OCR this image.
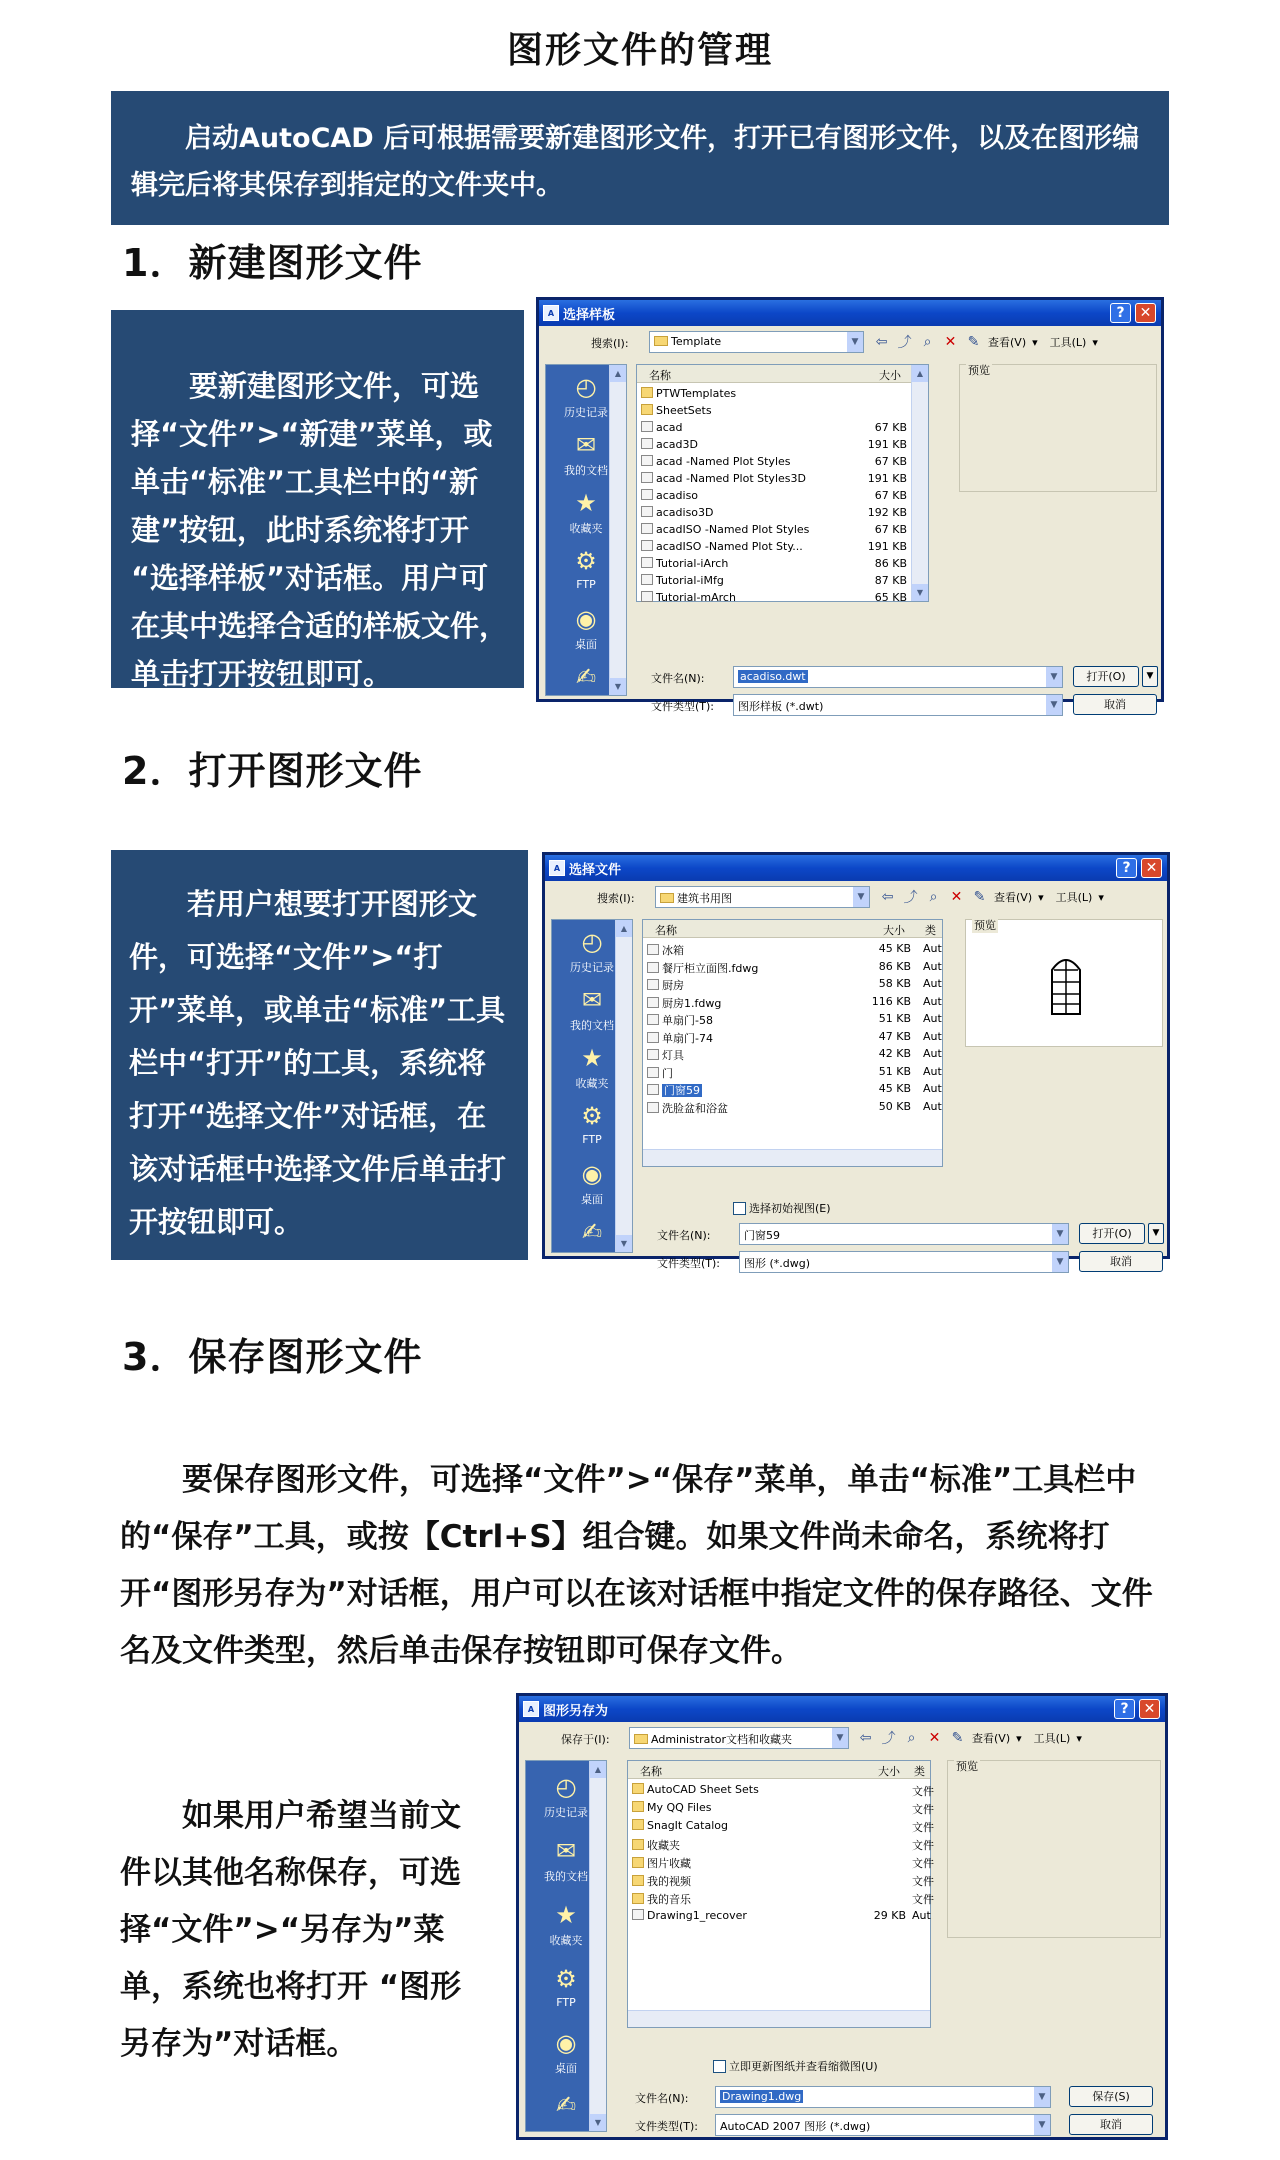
图形文件的管理
启动AutoCAD 后可根据需要新建图形文件，打开已有图形文件，以及在图形编辑完后将其保存到指定的文件夹中。
1．新建图形文件

要新建图形文件，可选择“文件”>“新建”菜单，或单击“标准”工具栏中的“新建”按钮，此时系统将打开 “选择样板”对话框。用户可在其中选择合适的样板文件，单击打开按钮即可。

A 选择样板	?	✕
搜索(I):	Template	▼	⇦ ⤴ ⌕ ✕ ✎ 查看(V) ▾ 工具(L) ▾
◴
历史记录
✉
我的文档
★
收藏夹
⚙
FTP
◉
桌面
✍
▲
▼
名称	大小
PTWTemplates
SheetSets
acad	67 KB
acad3D	191 KB
acad -Named Plot Styles	67 KB
acad -Named Plot Styles3D	191 KB
acadiso	67 KB
acadiso3D	192 KB
acadISO -Named Plot Styles	67 KB
acadISO -Named Plot Sty...	191 KB
Tutorial-iArch	86 KB
Tutorial-iMfg	87 KB
Tutorial-mArch	65 KB
▲
▼
预览
文件名(N):	acadiso.dwt	▼	打开(O)	▼
文件类型(T):	图形样板 (*.dwt)	▼	取消
2．打开图形文件

若用户想要打开图形文件，可选择“文件”>“打开”菜单，或单击“标准”工具栏中“打开”的工具，系统将打开“选择文件”对话框，在该对话框中选择文件后单击打开按钮即可。

A 选择文件	?	✕
搜索(I):	建筑书用图	▼	⇦ ⤴ ⌕ ✕ ✎ 查看(V) ▾ 工具(L) ▾
◴
历史记录
✉
我的文档
★
收藏夹
⚙
FTP
◉
桌面
✍
▲
▼
名称	大小 类
冰箱	45 KB Aut
餐厅柜立面图.fdwg	86 KB Aut
厨房	58 KB Aut
厨房1.fdwg	116 KB Aut
单扇门-58	51 KB Aut
单扇门-74	47 KB Aut
灯具	42 KB Aut
门	51 KB Aut
门窗59	45 KB Aut
洗脸盆和浴盆	50 KB Aut
预览
选择初始视图(E)
文件名(N):	门窗59	▼	打开(O)	▼
文件类型(T):	图形 (*.dwg)	▼	取消
3．保存图形文件
要保存图形文件，可选择“文件”>“保存”菜单，单击“标准”工具栏中的“保存”工具，或按【Ctrl+S】组合键。如果文件尚未命名，系统将打开“图形另存为”对话框，用户可以在该对话框中指定文件的保存路径、文件名及文件类型，然后单击保存按钮即可保存文件。
如果用户希望当前文件以其他名称保存，可选择“文件”>“另存为”菜单，系统也将打开 “图形另存为”对话框。
A 图形另存为	?	✕
保存于(I):	Administrator文档和收藏夹	▼	⇦ ⤴ ⌕ ✕ ✎ 查看(V) ▾ 工具(L) ▾
◴
历史记录
✉
我的文档
★
收藏夹
⚙
FTP
◉
桌面
✍
▲
▼
名称	大小 类
AutoCAD Sheet Sets	文件
My QQ Files	文件
SnagIt Catalog	文件
收藏夹	文件
图片收藏	文件
我的视频	文件
我的音乐	文件
Drawing1_recover	29 KB Aut
预览
立即更新图纸并查看缩微图(U)
文件名(N):	Drawing1.dwg	▼	保存(S)
文件类型(T):	AutoCAD 2007 图形 (*.dwg)	▼	取消
